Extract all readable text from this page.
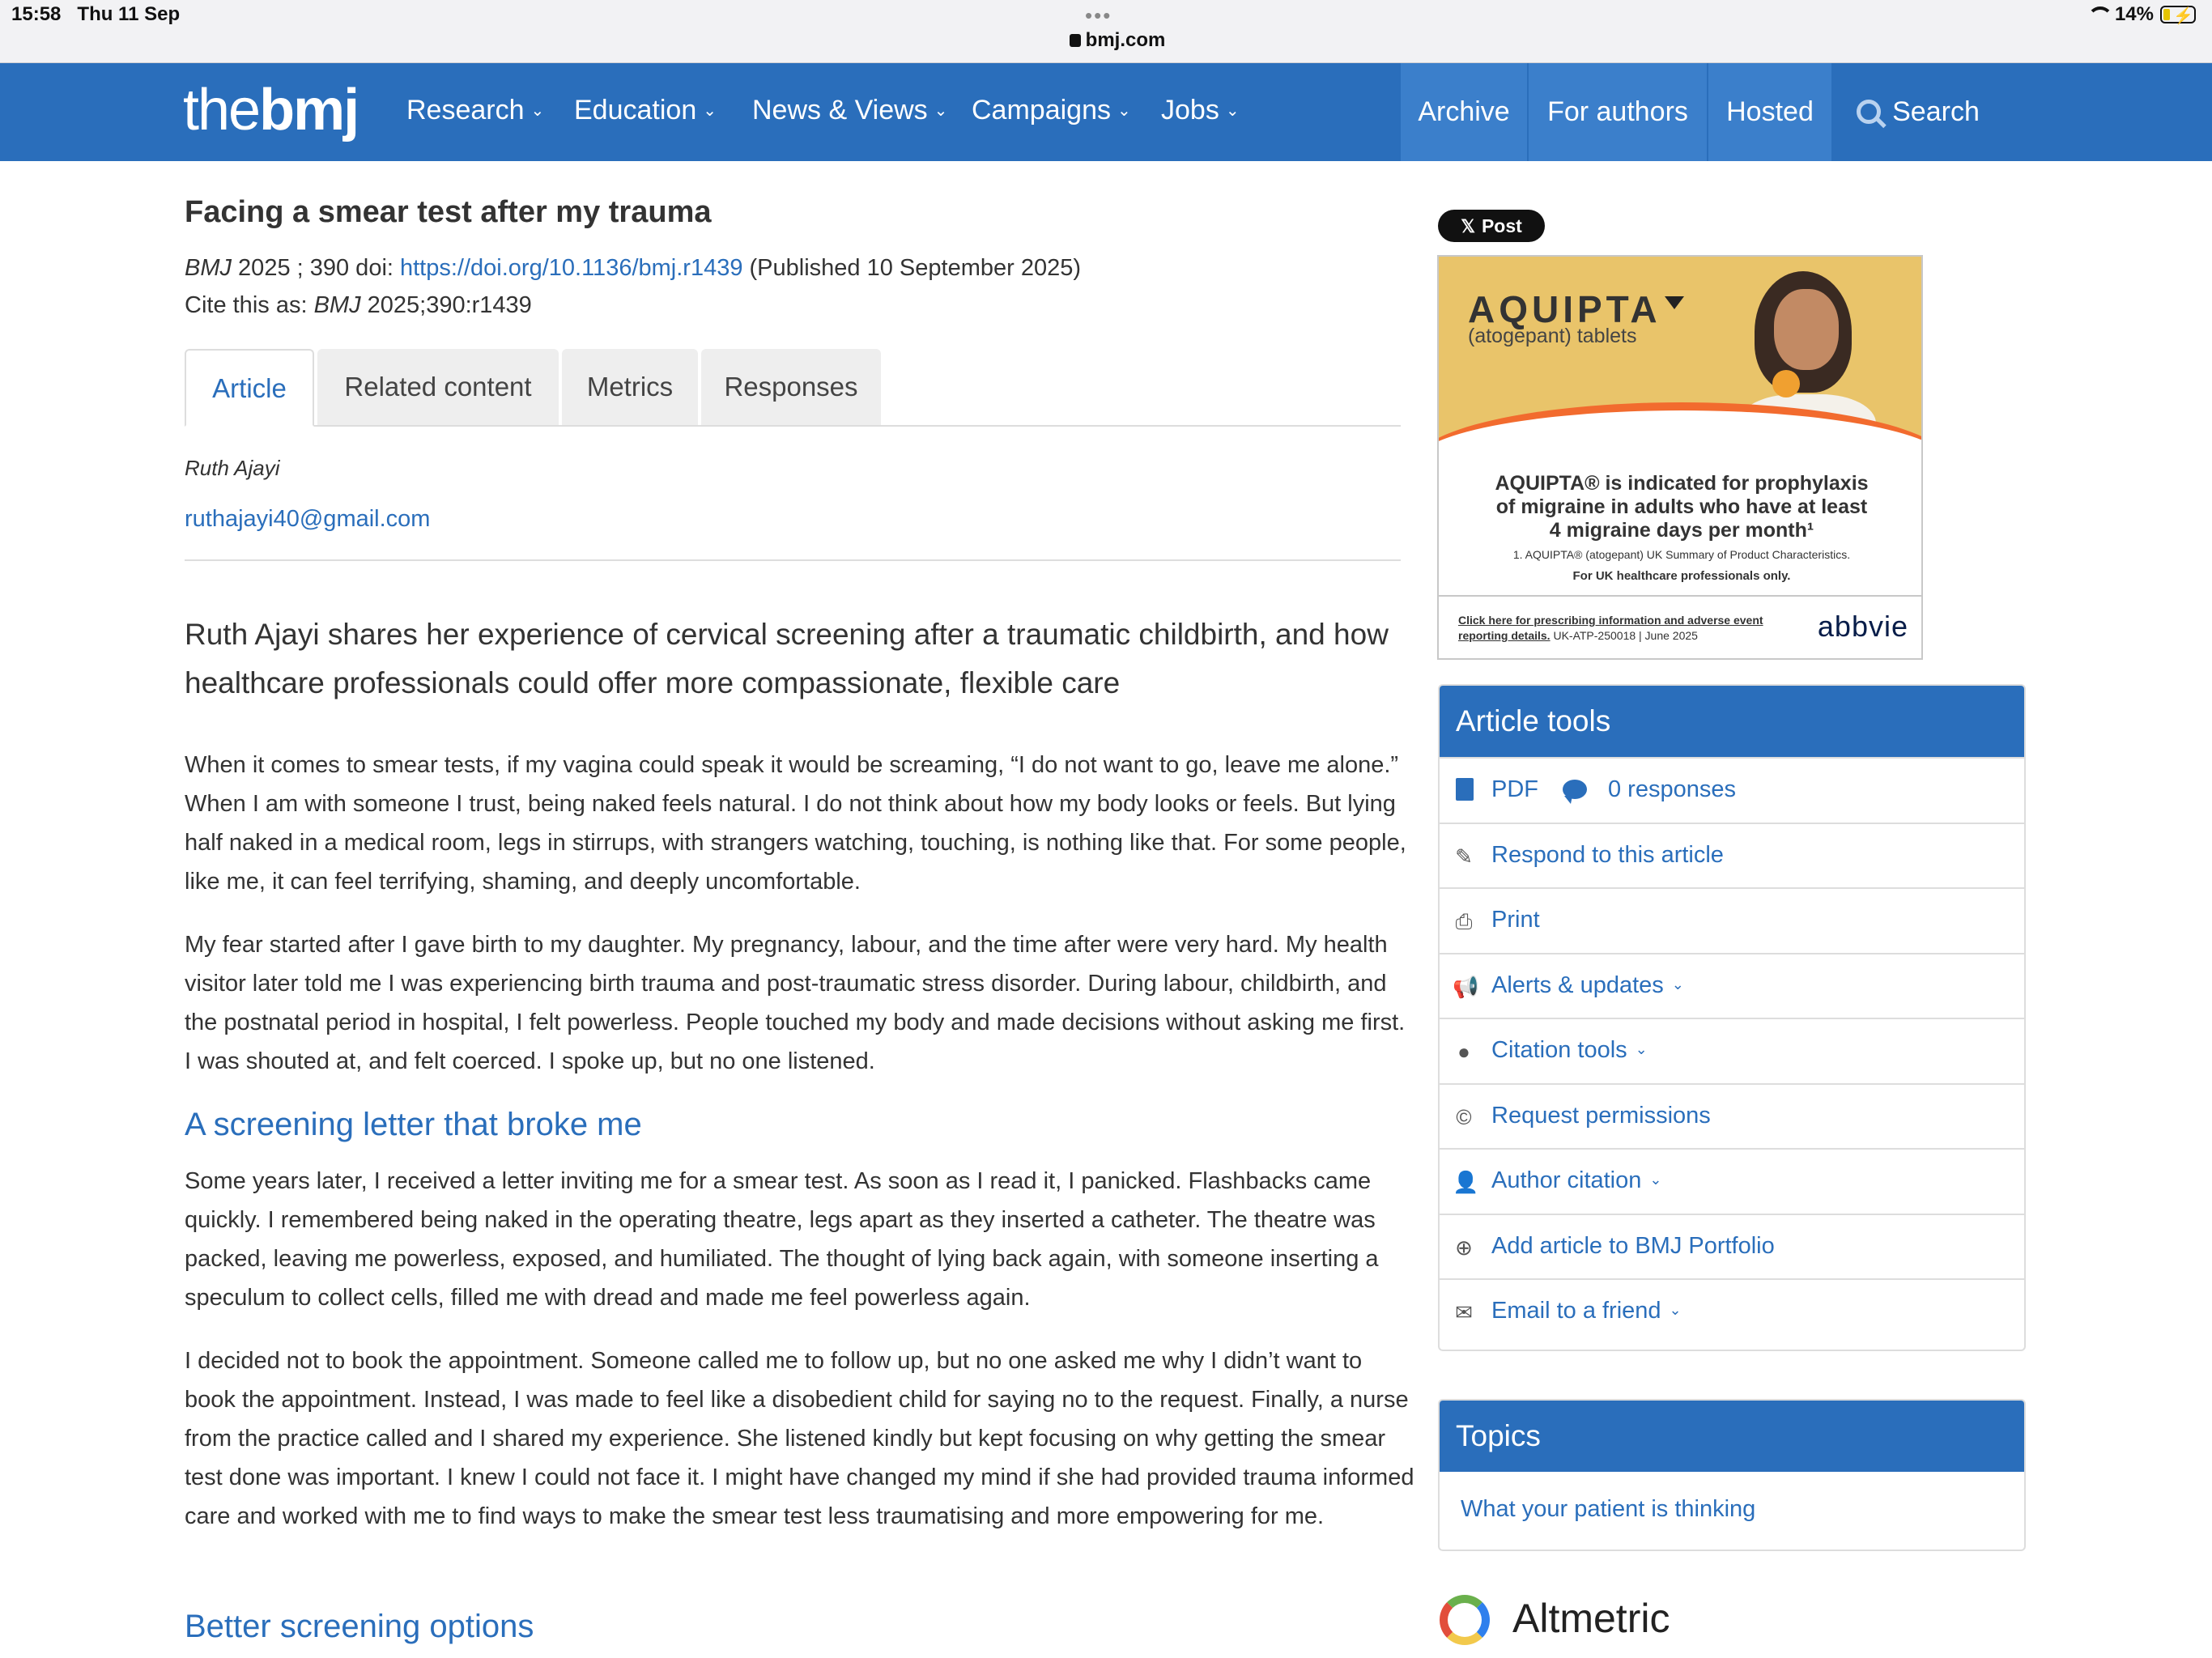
15:58 Thu 11 Sep	•••
bmj.com
14% ⚡
thebmj Research ⌄ Education ⌄ News & Views ⌄ Campaigns ⌄ Jobs ⌄	Archive	For authors	Hosted	Search
Facing a smear test after my trauma
BMJ 2025 ; 390 doi: https://doi.org/10.1136/bmj.r1439 (Published 10 September 2025)
Cite this as: BMJ 2025;390:r1439
Article	Related content	Metrics	Responses
Ruth Ajayi
ruthajayi40@gmail.com
Ruth Ajayi shares her experience of cervical screening after a traumatic childbirth, and how healthcare professionals could offer more compassionate, flexible care
When it comes to smear tests, if my vagina could speak it would be screaming, “I do not want to go, leave me alone.” When I am with someone I trust, being naked feels natural. I do not think about how my body looks or feels. But lying half naked in a medical room, legs in stirrups, with strangers watching, touching, is nothing like that. For some people, like me, it can feel terrifying, shaming, and deeply uncomfortable.
My fear started after I gave birth to my daughter. My pregnancy, labour, and the time after were very hard. My health visitor later told me I was experiencing birth trauma and post-traumatic stress disorder. During labour, childbirth, and the postnatal period in hospital, I felt powerless. People touched my body and made decisions without asking me first. I was shouted at, and felt coerced. I spoke up, but no one listened.
A screening letter that broke me
Some years later, I received a letter inviting me for a smear test. As soon as I read it, I panicked. Flashbacks came quickly. I remembered being naked in the operating theatre, legs apart as they inserted a catheter. The theatre was packed, leaving me powerless, exposed, and humiliated. The thought of lying back again, with someone inserting a speculum to collect cells, filled me with dread and made me feel powerless again.
I decided not to book the appointment. Someone called me to follow up, but no one asked me why I didn’t want to book the appointment. Instead, I was made to feel like a disobedient child for saying no to the request. Finally, a nurse from the practice called and I shared my experience. She listened kindly but kept focusing on why getting the smear test done was important. I knew I could not face it. I might have changed my mind if she had provided trauma informed care and worked with me to find ways to make the smear test less traumatising and more empowering for me.
Better screening options
𝕏 Post
AQUIPTA
(atogepant) tablets
AQUIPTA® is indicated for prophylaxis
of migraine in adults who have at least
4 migraine days per month¹
1. AQUIPTA® (atogepant) UK Summary of Product Characteristics.
For UK healthcare professionals only.
Click here for prescribing information and adverse event reporting details. UK-ATP-250018 | June 2025	abbvie
Article tools
PDF	0 responses
✎ Respond to this article
⎙ Print
📢 Alerts & updates ⌄
● Citation tools ⌄
© Request permissions
👤 Author citation ⌄
⊕ Add article to BMJ Portfolio
✉ Email to a friend ⌄
Topics
What your patient is thinking
Altmetric
